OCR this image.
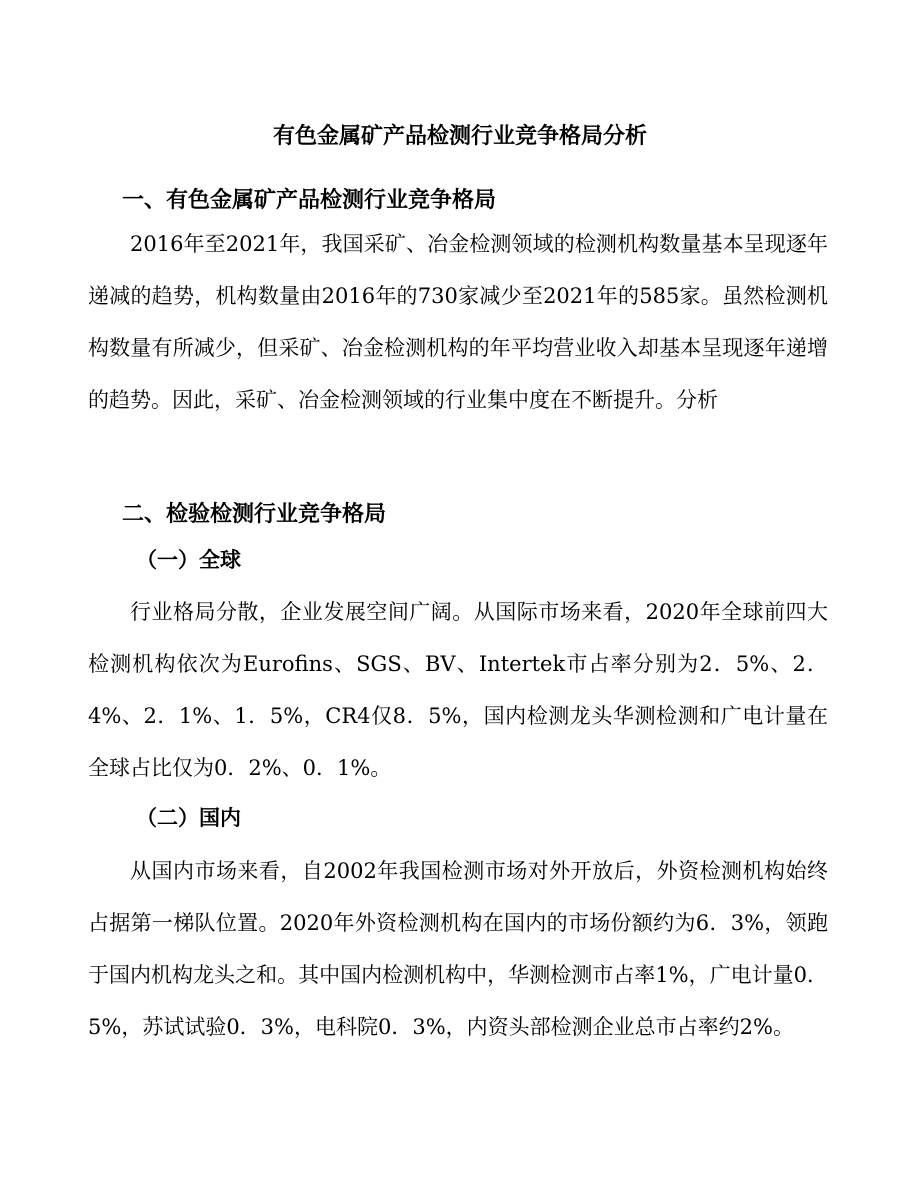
有色金属矿产品检测行业竞争格局分析
一、有色金属矿产品检测行业竞争格局

2016年至2021年，我国采矿、冶金检测领域的检测机构数量基本呈现逐年递减的趋势，机构数量由2016年的730家减少至2021年的585家。虽然检测机构数量有所减少，但采矿、冶金检测机构的年平均营业收入却基本呈现逐年递增的趋势。因此，采矿、冶金检测领域的行业集中度在不断提升。分析

二、检验检测行业竞争格局
（一）全球

行业格局分散，企业发展空间广阔。从国际市场来看，2020年全球前四大检测机构依次为Eurofins、SGS、BV、Intertek市占率分别为2．5%、2．4%、2．1%、1．5%，CR4仅8．5%，国内检测龙头华测检测和广电计量在全球占比仅为0．2%、0．1%。

（二）国内

从国内市场来看，自2002年我国检测市场对外开放后，外资检测机构始终占据第一梯队位置。2020年外资检测机构在国内的市场份额约为6．3%，领跑于国内机构龙头之和。其中国内检测机构中，华测检测市占率1%，广电计量0．5%，苏试试验0．3%，电科院0．3%，内资头部检测企业总市占率约2%。
